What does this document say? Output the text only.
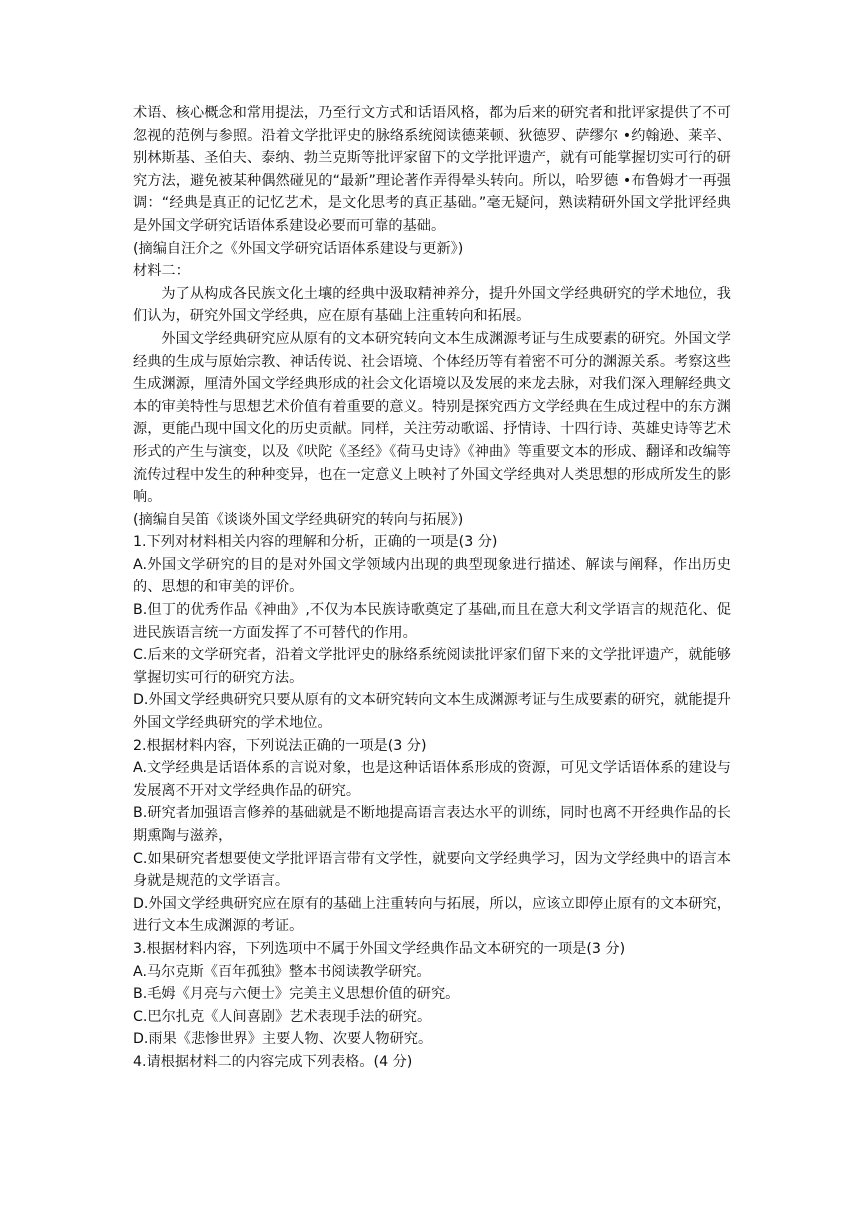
术语、核心概念和常用提法，乃至行文方式和话语风格，都为后来的研究者和批评家提供了不可忽视的范例与参照。沿着文学批评史的脉络系统阅读德莱顿、狄德罗、萨缪尔 •约翰逊、莱辛、别林斯基、圣伯夫、泰纳、勃兰克斯等批评家留下的文学批评遗产，就有可能掌握切实可行的研究方法，避免被某种偶然碰见的“最新”理论著作弄得晕头转向。所以，哈罗德 •布鲁姆才一再强调：“经典是真正的记忆艺术，是文化思考的真正基础。”毫无疑问，熟读精研外国文学批评经典是外国文学研究话语体系建设必要而可靠的基础。

(摘编自汪介之《外国文学研究话语体系建设与更新》)

材料二：

为了从构成各民族文化土壤的经典中汲取精神养分，提升外国文学经典研究的学术地位，我们认为，研究外国文学经典，应在原有基础上注重转向和拓展。

外国文学经典研究应从原有的文本研究转向文本生成渊源考证与生成要素的研究。外国文学经典的生成与原始宗教、神话传说、社会语境、个体经历等有着密不可分的渊源关系。考察这些生成渊源，厘清外国文学经典形成的社会文化语境以及发展的来龙去脉，对我们深入理解经典文本的审美特性与思想艺术价值有着重要的意义。特别是探究西方文学经典在生成过程中的东方渊源，更能凸现中国文化的历史贡献。同样，关注劳动歌谣、抒情诗、十四行诗、英雄史诗等艺术形式的产生与演变，以及《吠陀《圣经》《荷马史诗》《神曲》等重要文本的形成、翻译和改编等流传过程中发生的种种变异，也在一定意义上映衬了外国文学经典对人类思想的形成所发生的影响。

(摘编自吴笛《谈谈外国文学经典研究的转向与拓展》)

1.下列对材料相关内容的理解和分析，正确的一项是(3 分)

A.外国文学研究的目的是对外国文学领域内出现的典型现象进行描述、解读与阐释，作出历史的、思想的和审美的评价。

B.但丁的优秀作品《神曲》,不仅为本民族诗歌奠定了基础,而且在意大利文学语言的规范化、促进民族语言统一方面发挥了不可替代的作用。

C.后来的文学研究者，沿着文学批评史的脉络系统阅读批评家们留下来的文学批评遗产，就能够掌握切实可行的研究方法。

D.外国文学经典研究只要从原有的文本研究转向文本生成渊源考证与生成要素的研究，就能提升外国文学经典研究的学术地位。

2.根据材料内容，下列说法正确的一项是(3 分)

A.文学经典是话语体系的言说对象，也是这种话语体系形成的资源，可见文学话语体系的建设与发展离不开对文学经典作品的研究。

B.研究者加强语言修养的基础就是不断地提高语言表达水平的训练，同时也离不开经典作品的长期熏陶与滋养，

C.如果研究者想要使文学批评语言带有文学性，就要向文学经典学习，因为文学经典中的语言本身就是规范的文学语言。

D.外国文学经典研究应在原有的基础上注重转向与拓展，所以，应该立即停止原有的文本研究，进行文本生成渊源的考证。

3.根据材料内容，下列选项中不属于外国文学经典作品文本研究的一项是(3 分)

A.马尔克斯《百年孤独》整本书阅读教学研究。

B.毛姆《月亮与六便士》完美主义思想价值的研究。

C.巴尔扎克《人间喜剧》艺术表现手法的研究。

D.雨果《悲惨世界》主要人物、次要人物研究。

4.请根据材料二的内容完成下列表格。(4 分)
